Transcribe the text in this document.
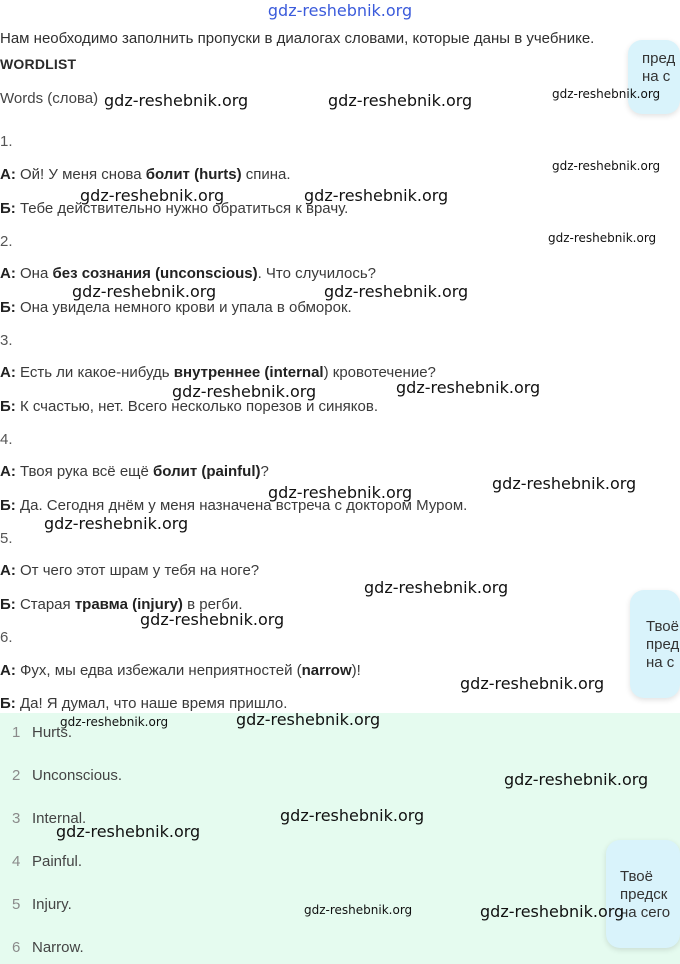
gdz-reshebnik.org
Нам необходимо заполнить пропуски в диалогах словами, которые даны в учебнике.
WORDLIST
Words (слова)
1.
А: Ой! У меня снова болит (hurts) спина.
Б: Тебе действительно нужно обратиться к врачу.
2.
А: Она без сознания (unconscious). Что случилось?
Б: Она увидела немного крови и упала в обморок.
3.
А: Есть ли какое-нибудь внутреннее (internal) кровотечение?
Б: К счастью, нет. Всего несколько порезов и синяков.
4.
А: Твоя рука всё ещё болит (painful)?
Б: Да. Сегодня днём у меня назначена встреча с доктором Муром.
5.
А: От чего этот шрам у тебя на ноге?
Б: Старая травма (injury) в регби.
6.
А: Фух, мы едва избежали неприятностей (narrow)!
Б: Да! Я думал, что наше время пришло.
1 Hurts.
2 Unconscious.
3 Internal.
4 Painful.
5 Injury.
6 Narrow.
пред
на с
Твоё
пред
на с
Твоё
предск
на сего
gdz-reshebnik.org	gdz-reshebnik.org	gdz-reshebnik.org
gdz-reshebnik.org
gdz-reshebnik.org	gdz-reshebnik.org
gdz-reshebnik.org
gdz-reshebnik.org	gdz-reshebnik.org
gdz-reshebnik.org	gdz-reshebnik.org
gdz-reshebnik.org	gdz-reshebnik.org
gdz-reshebnik.org
gdz-reshebnik.org
gdz-reshebnik.org
gdz-reshebnik.org
gdz-reshebnik.org	gdz-reshebnik.org
gdz-reshebnik.org
gdz-reshebnik.org
gdz-reshebnik.org
gdz-reshebnik.org	gdz-reshebnik.org
